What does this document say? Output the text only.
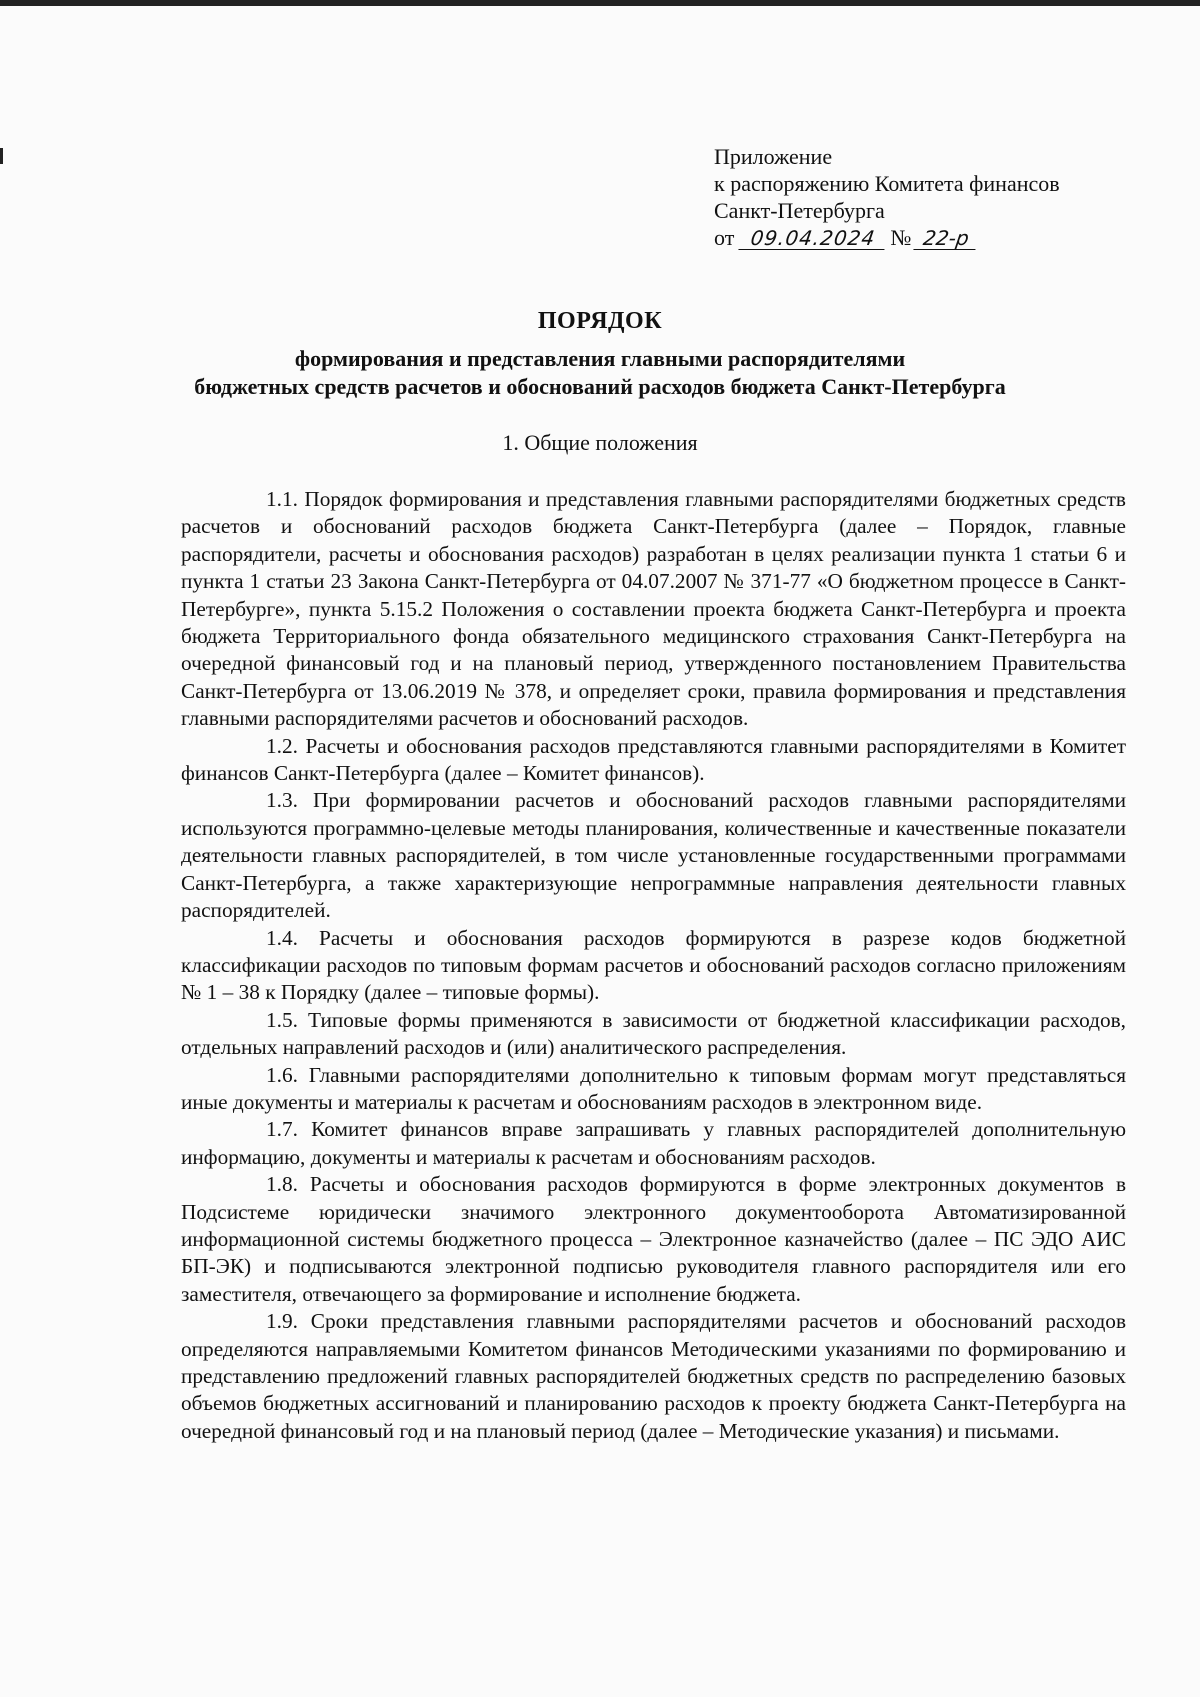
Приложение
к распоряжению Комитета финансов
Санкт-Петербурга
от 09.04.2024 № 22-р
ПОРЯДОК
формирования и представления главными распорядителями
бюджетных средств расчетов и обоснований расходов бюджета Санкт-Петербурга
1. Общие положения

1.1. Порядок формирования и представления главными распорядителями бюджетных средств расчетов и обоснований расходов бюджета Санкт-Петербурга (далее – Порядок, главные распорядители, расчеты и обоснования расходов) разработан в целях реализации пункта 1 статьи 6 и пункта 1 статьи 23 Закона Санкт-Петербурга от 04.07.2007 № 371-77 «О бюджетном процессе в Санкт-Петербурге», пункта 5.15.2 Положения о составлении проекта бюджета Санкт-Петербурга и проекта бюджета Территориального фонда обязательного медицинского страхования Санкт-Петербурга на очередной финансовый год и на плановый период, утвержденного постановлением Правительства Санкт-Петербурга от 13.06.2019 № 378, и определяет сроки, правила формирования и представления главными распорядителями расчетов и обоснований расходов.

1.2. Расчеты и обоснования расходов представляются главными распорядителями в Комитет финансов Санкт-Петербурга (далее – Комитет финансов).

1.3. При формировании расчетов и обоснований расходов главными распорядителями используются программно-целевые методы планирования, количественные и качественные показатели деятельности главных распорядителей, в том числе установленные государственными программами Санкт-Петербурга, а также характеризующие непрограммные направления деятельности главных распорядителей.

1.4. Расчеты и обоснования расходов формируются в разрезе кодов бюджетной классификации расходов по типовым формам расчетов и обоснований расходов согласно приложениям № 1 – 38 к Порядку (далее – типовые формы).

1.5. Типовые формы применяются в зависимости от бюджетной классификации расходов, отдельных направлений расходов и (или) аналитического распределения.

1.6. Главными распорядителями дополнительно к типовым формам могут представляться иные документы и материалы к расчетам и обоснованиям расходов в электронном виде.

1.7. Комитет финансов вправе запрашивать у главных распорядителей дополнительную информацию, документы и материалы к расчетам и обоснованиям расходов.

1.8. Расчеты и обоснования расходов формируются в форме электронных документов в Подсистеме юридически значимого электронного документооборота Автоматизированной информационной системы бюджетного процесса – Электронное казначейство (далее – ПС ЭДО АИС БП-ЭК) и подписываются электронной подписью руководителя главного распорядителя или его заместителя, отвечающего за формирование и исполнение бюджета.

1.9. Сроки представления главными распорядителями расчетов и обоснований расходов определяются направляемыми Комитетом финансов Методическими указаниями по формированию и представлению предложений главных распорядителей бюджетных средств по распределению базовых объемов бюджетных ассигнований и планированию расходов к проекту бюджета Санкт-Петербурга на очередной финансовый год и на плановый период (далее – Методические указания) и письмами.
